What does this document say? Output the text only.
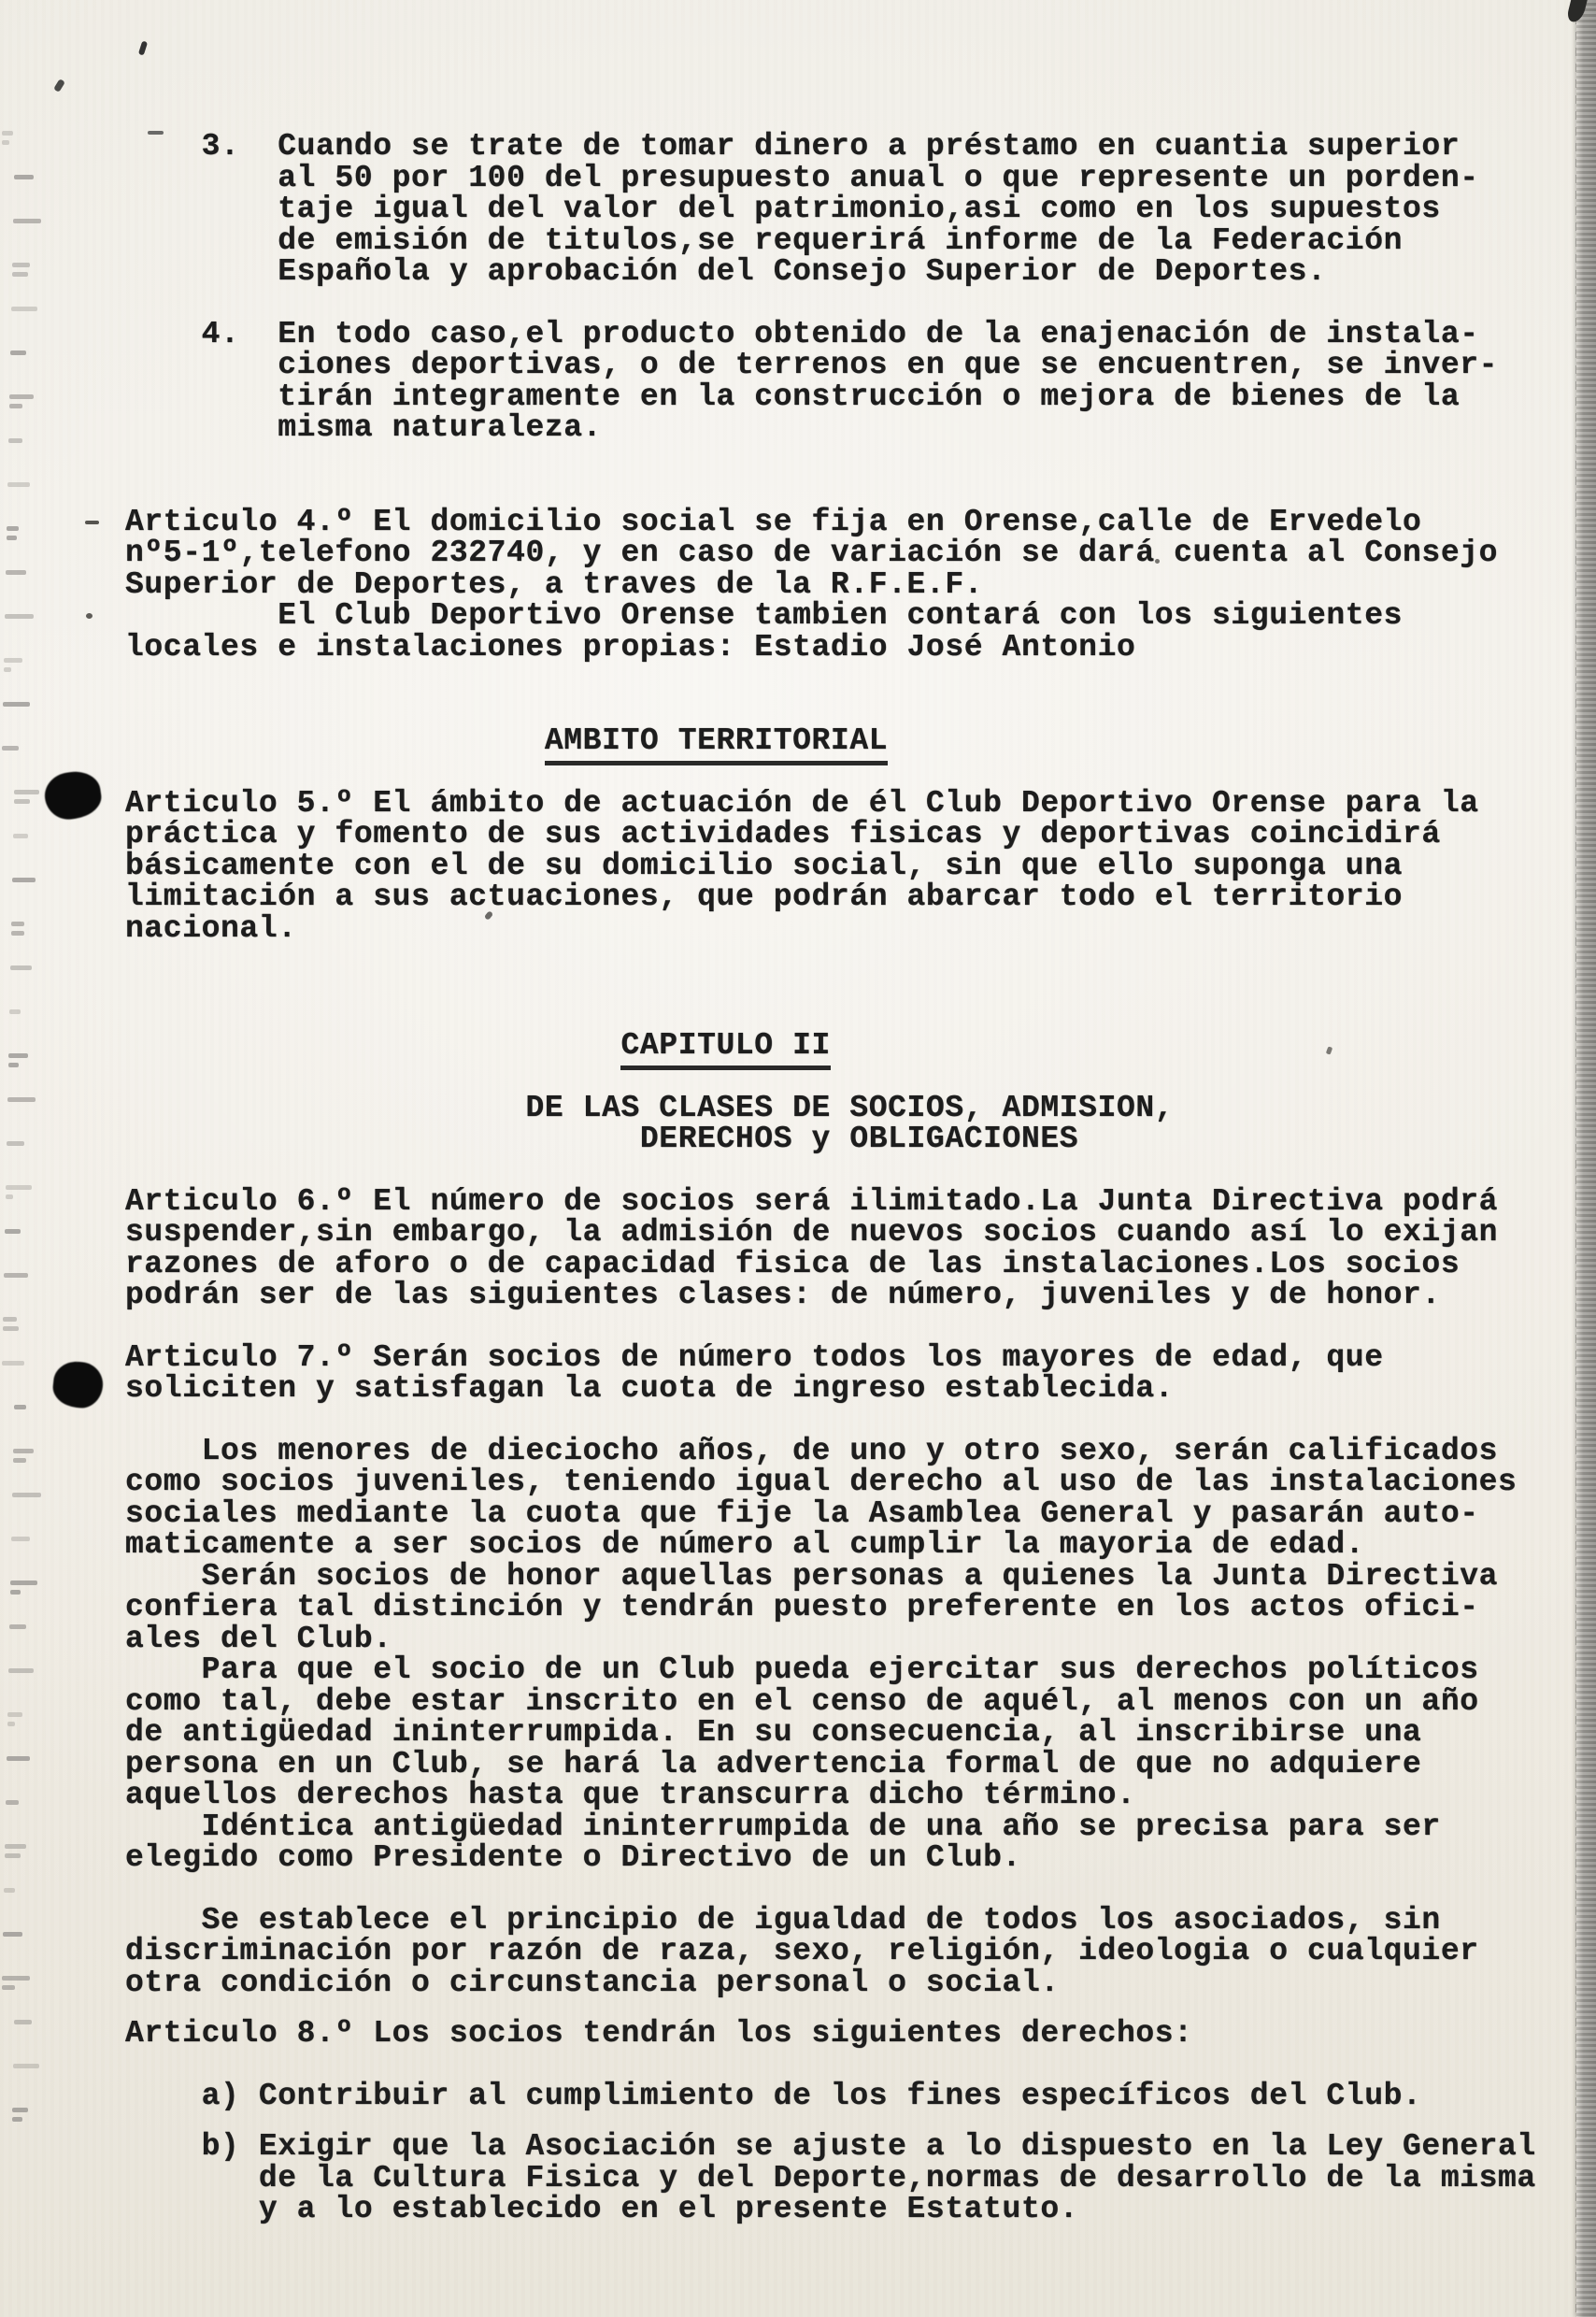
3.  Cuando se trate de tomar dinero a préstamo en cuantia superior
al 50 por 100 del presupuesto anual o que represente un porden-
taje igual del valor del patrimonio,asi como en los supuestos
de emisión de titulos,se requerirá informe de la Federación
Española y aprobación del Consejo Superior de Deportes.
4.  En todo caso,el producto obtenido de la enajenación de instala-
ciones deportivas, o de terrenos en que se encuentren, se inver-
tirán integramente en la construcción o mejora de bienes de la
misma naturaleza.
Articulo 4.º El domicilio social se fija en Orense,calle de Ervedelo
nº5-1º,telefono 232740, y en caso de variación se dará cuenta al Consejo
Superior de Deportes, a traves de la R.F.E.F.
El Club Deportivo Orense tambien contará con los siguientes
locales e instalaciones propias: Estadio José Antonio
AMBITO TERRITORIAL
Articulo 5.º El ámbito de actuación de él Club Deportivo Orense para la
práctica y fomento de sus actividades fisicas y deportivas coincidirá
básicamente con el de su domicilio social, sin que ello suponga una
limitación a sus actuaciones, que podrán abarcar todo el territorio
nacional.
CAPITULO II
DE LAS CLASES DE SOCIOS, ADMISION,
DERECHOS y OBLIGACIONES
Articulo 6.º El número de socios será ilimitado.La Junta Directiva podrá
suspender,sin embargo, la admisión de nuevos socios cuando así lo exijan
razones de aforo o de capacidad fisica de las instalaciones.Los socios
podrán ser de las siguientes clases: de número, juveniles y de honor.
Articulo 7.º Serán socios de número todos los mayores de edad, que
soliciten y satisfagan la cuota de ingreso establecida.
Los menores de dieciocho años, de uno y otro sexo, serán calificados
como socios juveniles, teniendo igual derecho al uso de las instalaciones
sociales mediante la cuota que fije la Asamblea General y pasarán auto-
maticamente a ser socios de número al cumplir la mayoria de edad.
Serán socios de honor aquellas personas a quienes la Junta Directiva
confiera tal distinción y tendrán puesto preferente en los actos ofici-
ales del Club.
Para que el socio de un Club pueda ejercitar sus derechos políticos
como tal, debe estar inscrito en el censo de aquél, al menos con un año
de antigüedad ininterrumpida. En su consecuencia, al inscribirse una
persona en un Club, se hará la advertencia formal de que no adquiere
aquellos derechos hasta que transcurra dicho término.
Idéntica antigüedad ininterrumpida de una año se precisa para ser
elegido como Presidente o Directivo de un Club.
Se establece el principio de igualdad de todos los asociados, sin
discriminación por razón de raza, sexo, religión, ideologia o cualquier
otra condición o circunstancia personal o social.
Articulo 8.º Los socios tendrán los siguientes derechos:
a) Contribuir al cumplimiento de los fines específicos del Club.
b) Exigir que la Asociación se ajuste a lo dispuesto en la Ley General
de la Cultura Fisica y del Deporte,normas de desarrollo de la misma
y a lo establecido en el presente Estatuto.
